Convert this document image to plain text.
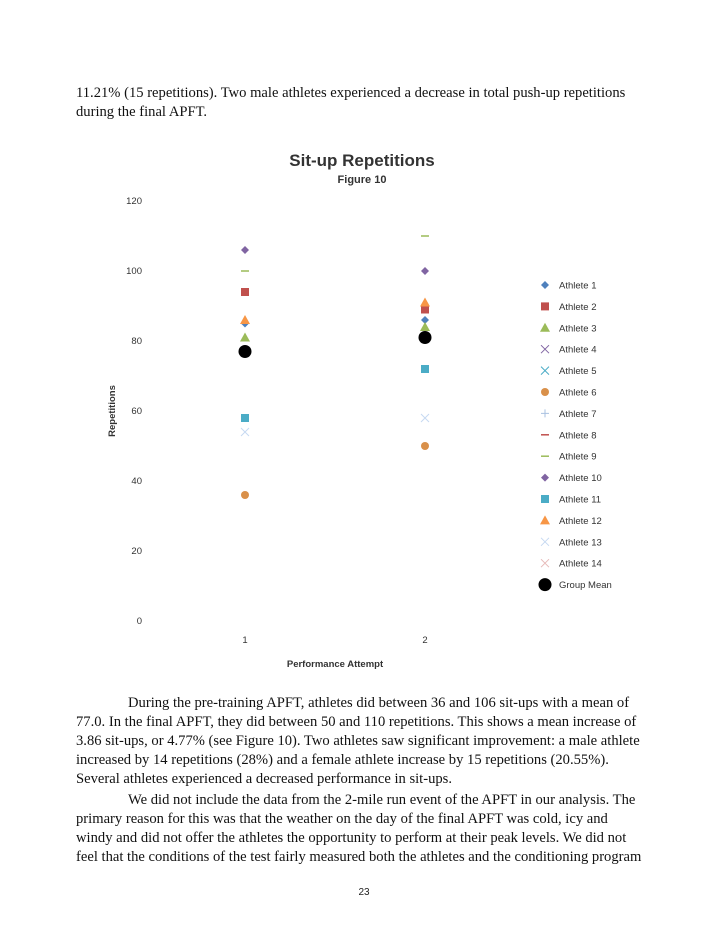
11.21% (15 repetitions). Two male athletes experienced a decrease in total push-up repetitions during the final APFT.

Sit-up Repetitions
Figure 10
Repetitions
Performance Attempt
0
20
40
60
80
100
120
1	2
Athlete 1
Athlete 2
Athlete 3
Athlete 4
Athlete 5
Athlete 6
Athlete 7
Athlete 8
Athlete 9
Athlete 10
Athlete 11
Athlete 12
Athlete 13
Athlete 14
Group Mean

During the pre-training APFT, athletes did between 36 and 106 sit-ups with a mean of 77.0. In the final APFT, they did between 50 and 110 repetitions. This shows a mean increase of 3.86 sit-ups, or 4.77% (see Figure 10). Two athletes saw significant improvement: a male athlete increased by 14 repetitions (28%) and a female athlete increase by 15 repetitions (20.55%). Several athletes experienced a decreased performance in sit-ups.

We did not include the data from the 2-mile run event of the APFT in our analysis. The primary reason for this was that the weather on the day of the final APFT was cold, icy and windy and did not offer the athletes the opportunity to perform at their peak levels. We did not feel that the conditions of the test fairly measured both the athletes and the conditioning program

23
